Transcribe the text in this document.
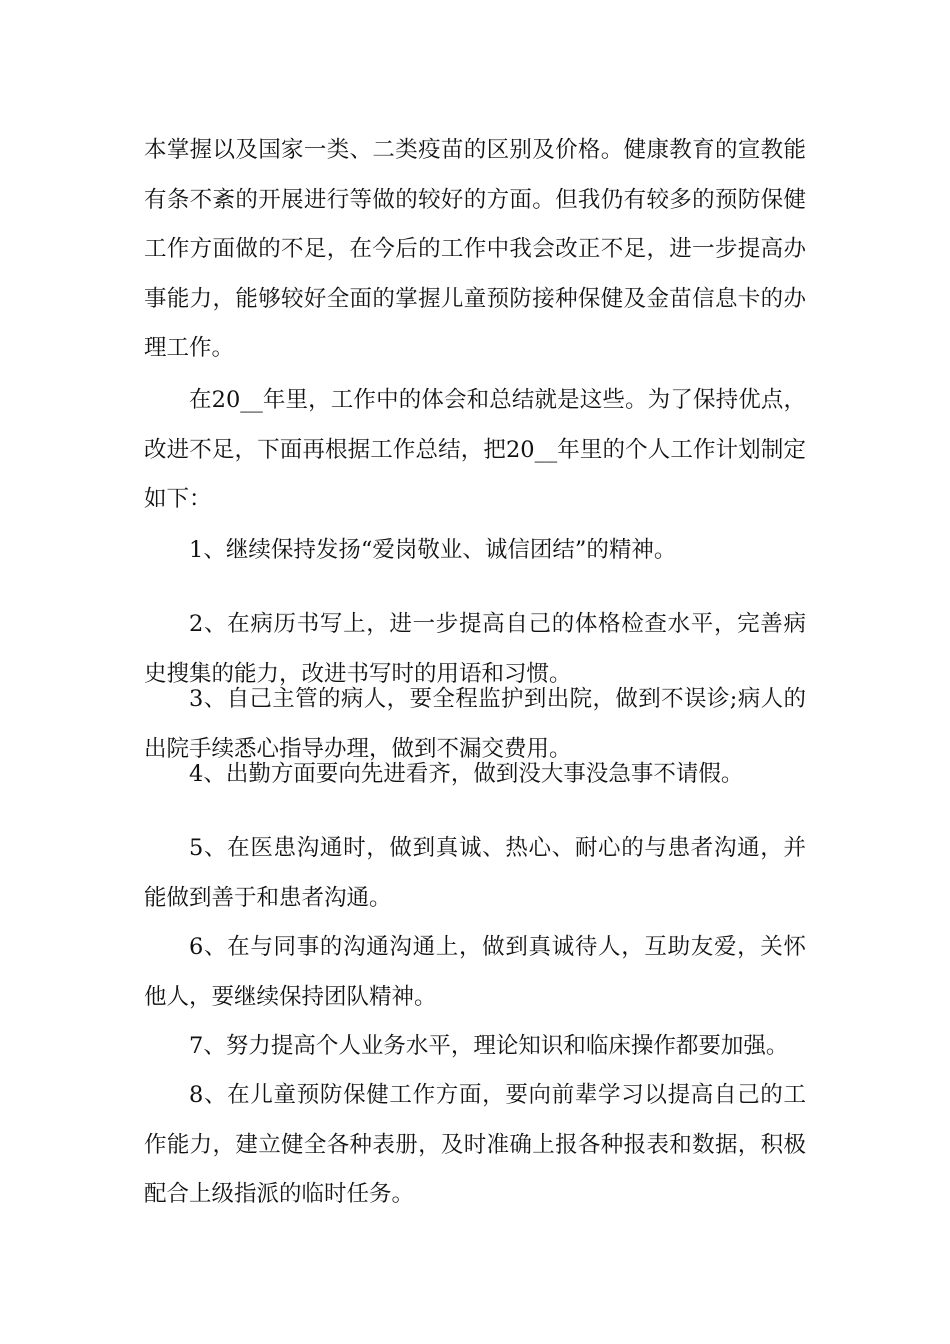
本掌握以及国家一类、二类疫苗的区别及价格。健康教育的宣教能有条不紊的开展进行等做的较好的方面。但我仍有较多的预防保健工作方面做的不足，在今后的工作中我会改正不足，进一步提高办事能力，能够较好全面的掌握儿童预防接种保健及金苗信息卡的办理工作。

在20__年里，工作中的体会和总结就是这些。为了保持优点，改进不足，下面再根据工作总结，把20__年里的个人工作计划制定如下：

1、继续保持发扬“爱岗敬业、诚信团结”的精神。

2、在病历书写上，进一步提高自己的体格检查水平，完善病史搜集的能力，改进书写时的用语和习惯。

3、自己主管的病人，要全程监护到出院，做到不误诊;病人的出院手续悉心指导办理，做到不漏交费用。

4、出勤方面要向先进看齐，做到没大事没急事不请假。

5、在医患沟通时，做到真诚、热心、耐心的与患者沟通，并能做到善于和患者沟通。

6、在与同事的沟通沟通上，做到真诚待人，互助友爱，关怀他人，要继续保持团队精神。

7、努力提高个人业务水平，理论知识和临床操作都要加强。

8、在儿童预防保健工作方面，要向前辈学习以提高自己的工作能力，建立健全各种表册，及时准确上报各种报表和数据，积极配合上级指派的临时任务。
